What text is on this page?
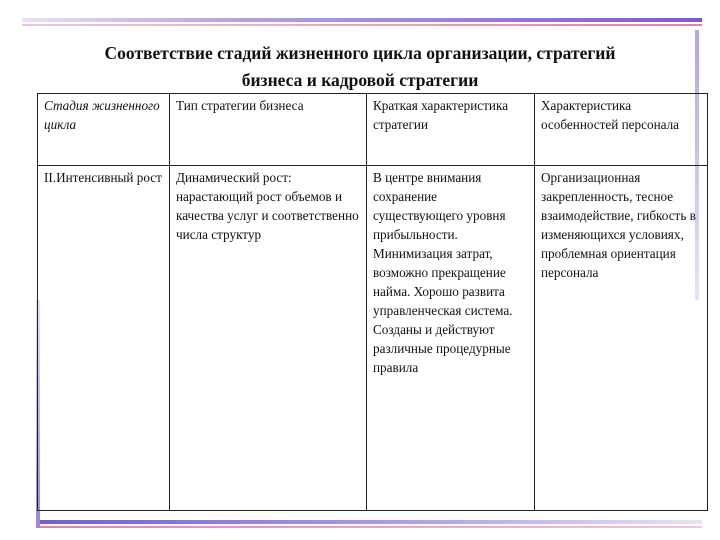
Соответствие стадий жизненного цикла организации, стратегий
бизнеса и кадровой стратегии
Стадия жизненного цикла	Тип стратегии бизнеса	Краткая характеристика стратегии	Характеристика особенностей персонала
II.Интенсивный рост	Динамический рост: нарастающий рост объемов и качества услуг и соответственно числа структур	В центре внимания сохранение существующего уровня прибыльности. Минимизация затрат, возможно прекращение найма. Хорошо развита управленческая система. Созданы и действуют различные процедурные правила	Организационная закрепленность, тесное взаимодействие, гибкость в изменяющихся условиях, проблемная ориентация персонала
